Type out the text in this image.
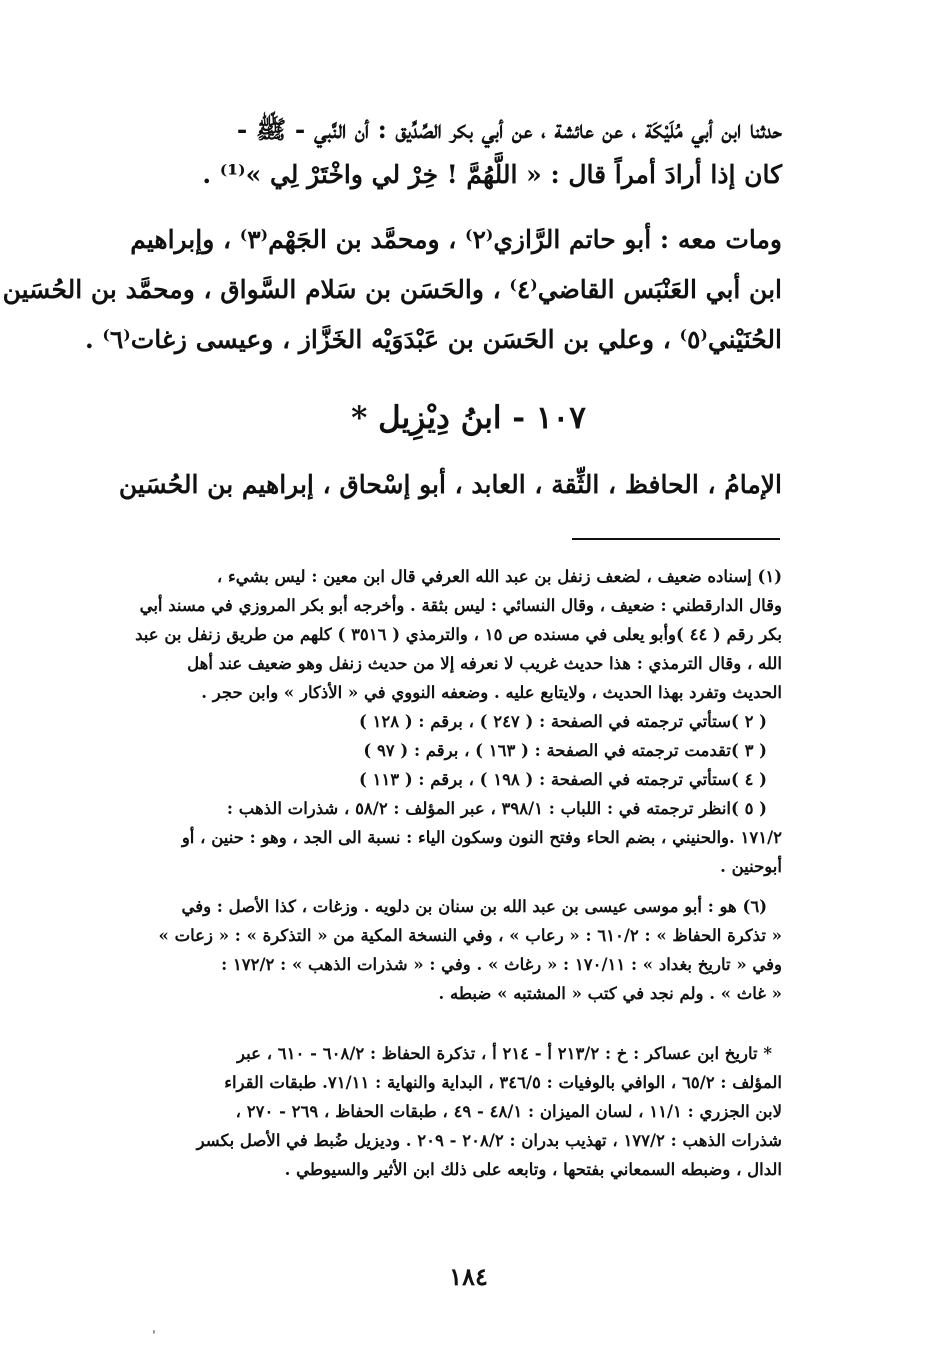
حدثنا ابن أبي مُلَيْكَة ، عن عائشة ، عن أبي بكر الصِّدِّيق : أن النَّبي - ﷺ -
كان إذا أرادَ أمراً قال : « اللَّهُمَّ ! خِرْ لي واخْتَرْ لِي »⁽¹⁾ .
ومات معه : أبو حاتم الرَّازي⁽٢⁾ ، ومحمَّد بن الجَهْم⁽٣⁾ ، وإبراهيم
ابن أبي العَنْبَس القاضي⁽٤⁾ ، والحَسَن بن سَلام السَّواق ، ومحمَّد بن الحُسَين
الحُنَيْني⁽٥⁾ ، وعلي بن الحَسَن بن عَبْدَوَيْه الخَزَّاز ، وعيسى زغات⁽٦⁾ .
١٠٧ - ابنُ دِيْزِيل *
الإمامُ ، الحافظ ، الثِّقة ، العابد ، أبو إسْحاق ، إبراهيم بن الحُسَين
(١) إسناده ضعيف ، لضعف زنفل بن عبد الله العرفي قال ابن معين : ليس بشيء ،
وقال الدارقطني : ضعيف ، وقال النسائي : ليس بثقة . وأخرجه أبو بكر المروزي في مسند أبي
بكر رقم ( ٤٤ )وأبو يعلى في مسنده ص ١٥ ، والترمذي ( ٣٥١٦ ) كلهم من طريق زنفل بن عبد
الله ، وقال الترمذي : هذا حديث غريب لا نعرفه إلا من حديث زنفل وهو ضعيف عند أهل
الحديث وتفرد بهذا الحديث ، ولايتابع عليه . وضعفه النووي في « الأذكار » وابن حجر .
( ٢ )ستأتي ترجمته في الصفحة : ( ٢٤٧ ) ، برقم : ( ١٢٨ )
( ٣ )تقدمت ترجمته في الصفحة : ( ١٦٣ ) ، برقم : ( ٩٧ )
( ٤ )ستأتي ترجمته في الصفحة : ( ١٩٨ ) ، برقم : ( ١١٣ )
( ٥ )انظر ترجمته في : اللباب : ٣٩٨/١ ، عبر المؤلف : ٥٨/٢ ، شذرات الذهب :
١٧١/٢ .والحنيني ، بضم الحاء وفتح النون وسكون الياء : نسبة الى الجد ، وهو : حنين ، أو
أبوحنين .
(٦) هو : أبو موسى عيسى بن عبد الله بن سنان بن دلويه . وزغات ، كذا الأصل : وفي
« تذكرة الحفاظ » : ٦١٠/٢ : « رعاب » ، وفي النسخة المكية من « التذكرة » : « زعات »
وفي « تاريخ بغداد » : ١٧٠/١١ : « رغاث » . وفي : « شذرات الذهب » : ١٧٢/٢ :
« غاث » . ولم نجد في كتب « المشتبه » ضبطه .
* تاريخ ابن عساكر : خ : ٢١٣/٢ أ - ٢١٤ أ ، تذكرة الحفاظ : ٦٠٨/٢ - ٦١٠ ، عبر
المؤلف : ٦٥/٢ ، الوافي بالوفيات : ٣٤٦/٥ ، البداية والنهاية : ٧١/١١. طبقات القراء
لابن الجزري : ١١/١ ، لسان الميزان : ٤٨/١ - ٤٩ ، طبقات الحفاظ ، ٢٦٩ - ٢٧٠ ،
شذرات الذهب : ١٧٧/٢ ، تهذيب بدران : ٢٠٨/٢ - ٢٠٩ . وديزيل ضُبط في الأصل بكسر
الدال ، وضبطه السمعاني بفتحها ، وتابعه على ذلك ابن الأثير والسيوطي .
١٨٤
ˌ
